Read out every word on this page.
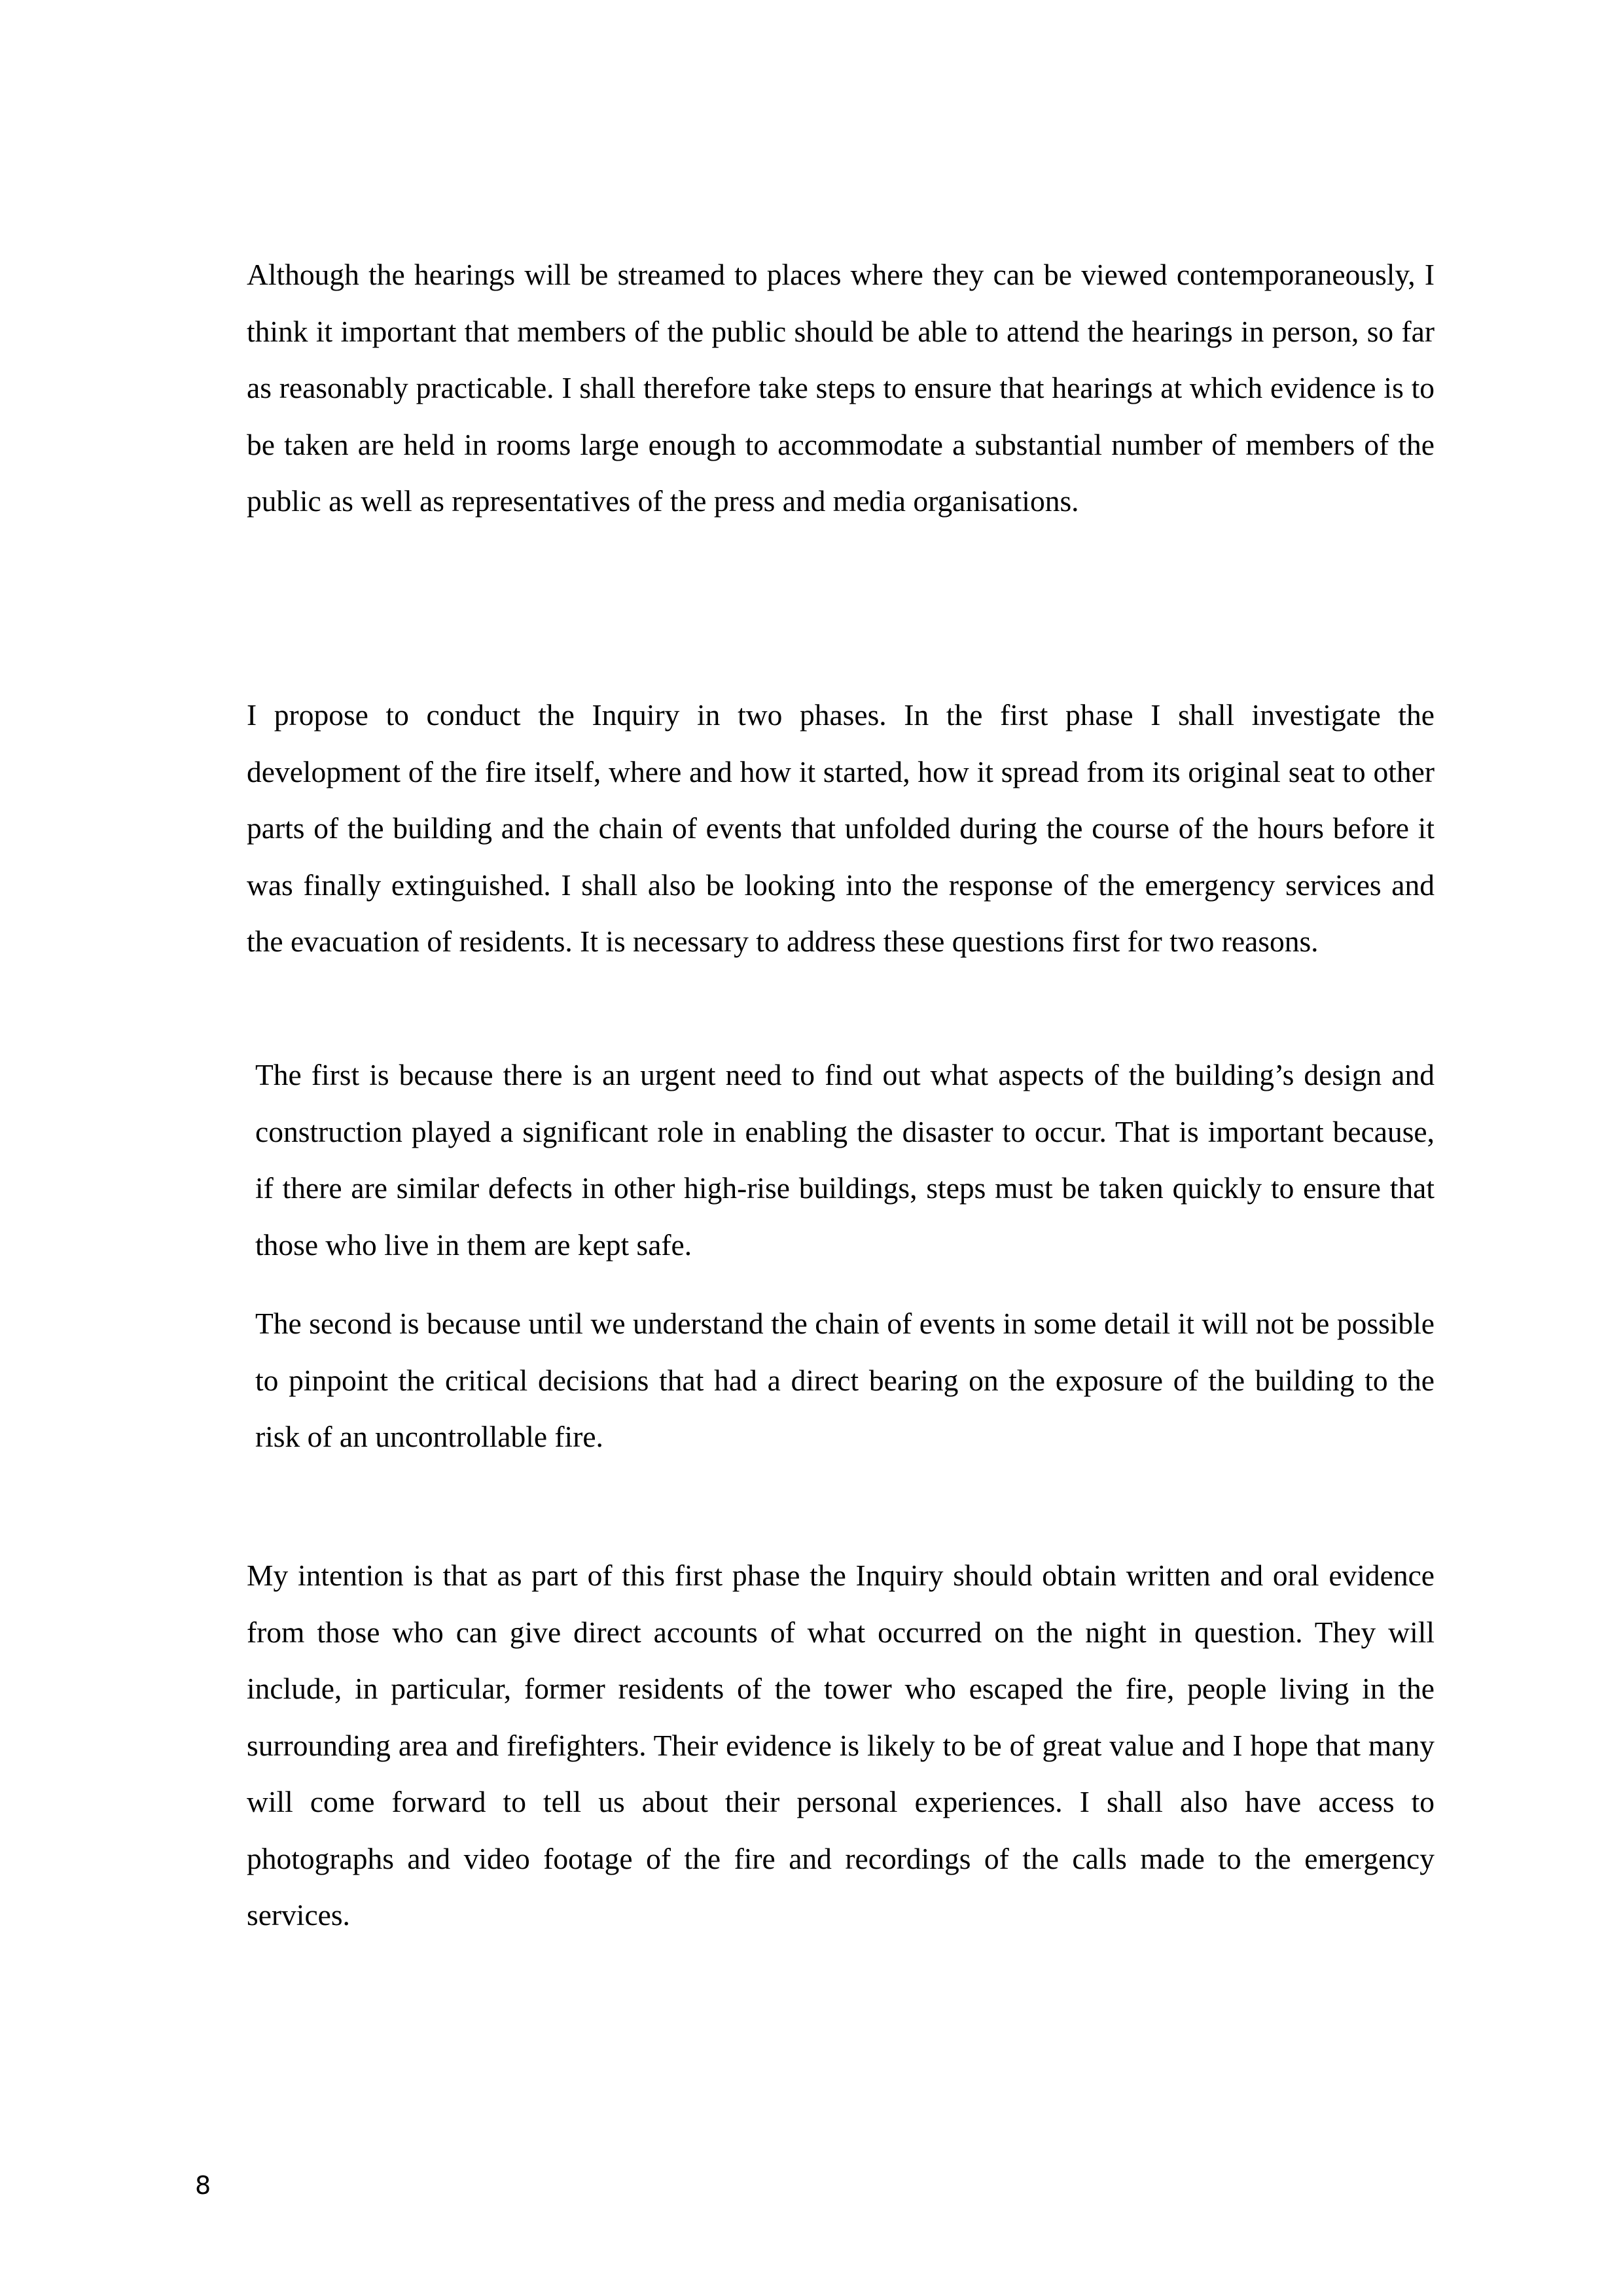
Although the hearings will be streamed to places where they can be viewed contemporaneously, I think it important that members of the public should be able to attend the hearings in person, so far as reasonably practicable. I shall therefore take steps to ensure that hearings at which evidence is to be taken are held in rooms large enough to accommodate a substantial number of members of the public as well as representatives of the press and media organisations.

I propose to conduct the Inquiry in two phases. In the first phase I shall investigate the development of the fire itself, where and how it started, how it spread from its original seat to other parts of the building and the chain of events that unfolded during the course of the hours before it was finally extinguished. I shall also be looking into the response of the emergency services and the evacuation of residents. It is necessary to address these questions first for two reasons.

The first is because there is an urgent need to find out what aspects of the building’s design and construction played a significant role in enabling the disaster to occur. That is important because, if there are similar defects in other high-rise buildings, steps must be taken quickly to ensure that those who live in them are kept safe.

The second is because until we understand the chain of events in some detail it will not be possible to pinpoint the critical decisions that had a direct bearing on the exposure of the building to the risk of an uncontrollable fire.

My intention is that as part of this first phase the Inquiry should obtain written and oral evidence from those who can give direct accounts of what occurred on the night in question. They will include, in particular, former residents of the tower who escaped the fire, people living in the surrounding area and firefighters. Their evidence is likely to be of great value and I hope that many will come forward to tell us about their personal experiences. I shall also have access to photographs and video footage of the fire and recordings of the calls made to the emergency services.

8
